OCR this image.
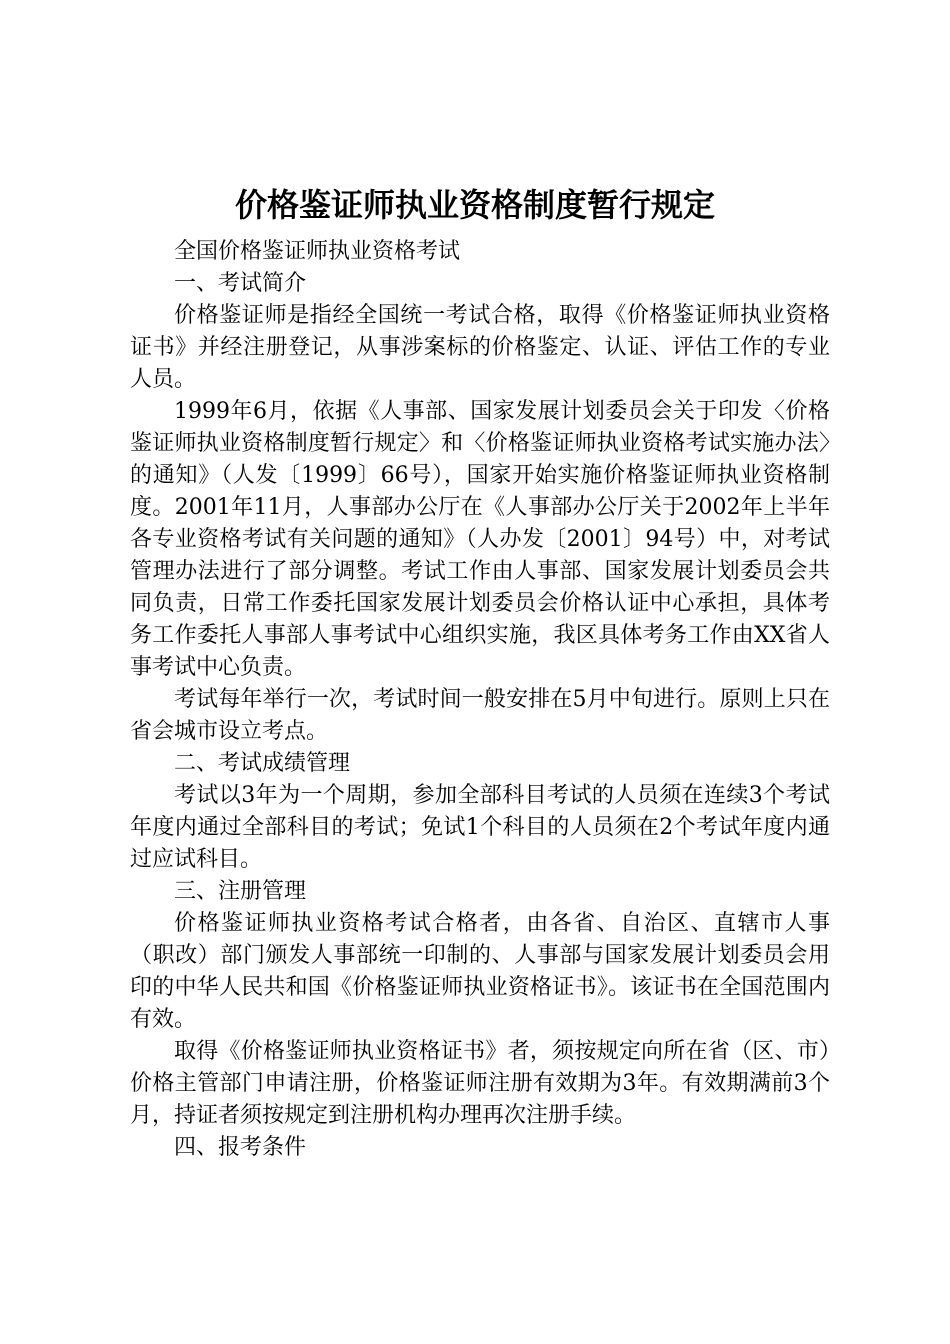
价格鉴证师执业资格制度暂行规定

全国价格鉴证师执业资格考试

一、考试简介

价格鉴证师是指经全国统一考试合格，取得《价格鉴证师执业资格证书》并经注册登记，从事涉案标的价格鉴定、认证、评估工作的专业人员。

1999年6月，依据《人事部、国家发展计划委员会关于印发〈价格鉴证师执业资格制度暂行规定〉和〈价格鉴证师执业资格考试实施办法〉的通知》（人发〔1999〕66号），国家开始实施价格鉴证师执业资格制度。2001年11月，人事部办公厅在《人事部办公厅关于2002年上半年各专业资格考试有关问题的通知》（人办发〔2001〕94号）中，对考试管理办法进行了部分调整。考试工作由人事部、国家发展计划委员会共同负责，日常工作委托国家发展计划委员会价格认证中心承担，具体考务工作委托人事部人事考试中心组织实施，我区具体考务工作由XX省人事考试中心负责。

考试每年举行一次，考试时间一般安排在5月中旬进行。原则上只在省会城市设立考点。

二、考试成绩管理

考试以3年为一个周期，参加全部科目考试的人员须在连续3个考试年度内通过全部科目的考试；免试1个科目的人员须在2个考试年度内通过应试科目。

三、注册管理

价格鉴证师执业资格考试合格者，由各省、自治区、直辖市人事（职改）部门颁发人事部统一印制的、人事部与国家发展计划委员会用印的中华人民共和国《价格鉴证师执业资格证书》。该证书在全国范围内有效。

取得《价格鉴证师执业资格证书》者，须按规定向所在省（区、市）价格主管部门申请注册，价格鉴证师注册有效期为3年。有效期满前3个月，持证者须按规定到注册机构办理再次注册手续。

四、报考条件
